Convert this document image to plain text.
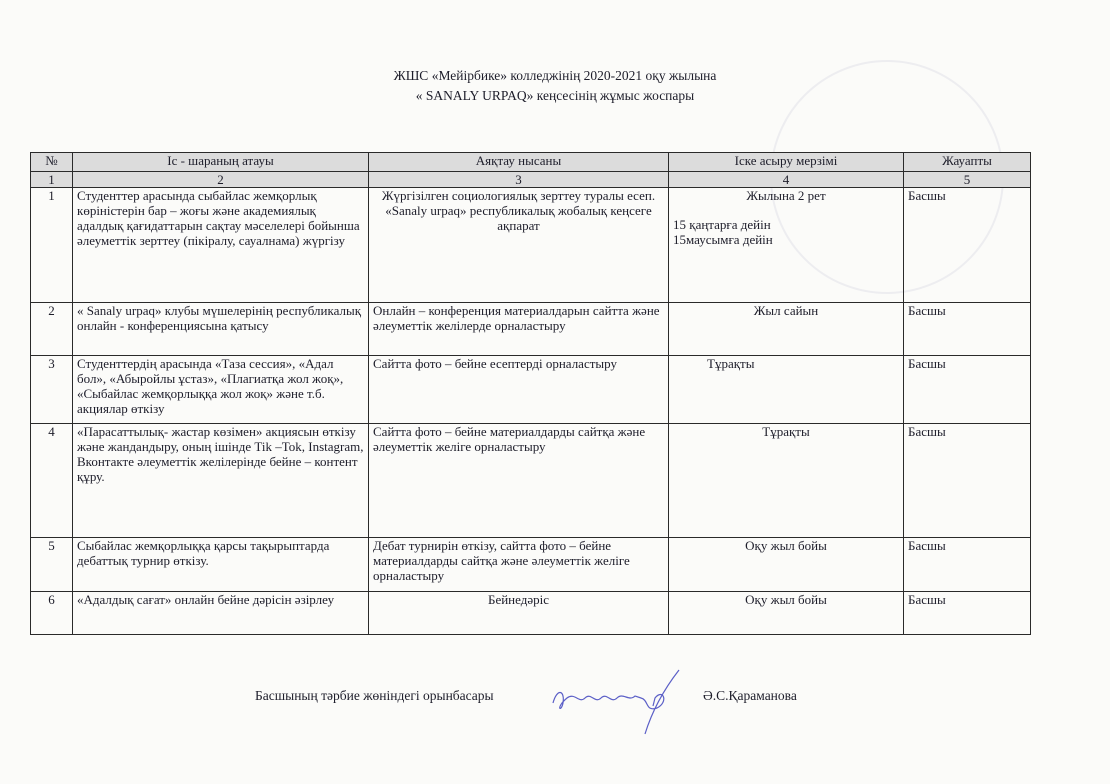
ЖШС «Мейірбике» колледжінің 2020-2021 оқу жылына
« SANALY URPAQ» кеңсесінің жұмыс жоспары
№	Іс - шараның атауы	Аяқтау нысаны	Іске асыру мерзімі	Жауапты
1	2	3	4	5
1	Студенттер арасында сыбайлас жемқорлық көріністерін бар – жоғы және академиялық адалдық қағидаттарын сақтау мәселелері бойынша әлеуметтік зерттеу (пікіралу, сауалнама) жүргізу	Жүргізілген социологиялық зерттеу туралы есеп. «Sanaly urpaq» республикалық жобалық кеңсеге ақпарат	Жылына 2 рет
15 қаңтарға дейін
15маусымға дейін	Басшы
2	« Sanaly urpaq» клубы мүшелерінің республикалық онлайн - конференциясына қатысу	Онлайн – конференция материалдарын сайтта және әлеуметтік желілерде орналастыру	Жыл сайын	Басшы
3	Студенттердің арасында «Таза сессия», «Адал бол», «Абыройлы ұстаз», «Плагиатқа жол жоқ», «Сыбайлас жемқорлыққа жол жоқ» және т.б. акциялар өткізу	Сайтта фото – бейне есептерді орналастыру	Тұрақты	Басшы
4	«Парасаттылық- жастар көзімен» акциясын өткізу және жандандыру, оның ішінде Tik –Tok, Instagram, Вконтакте әлеуметтік желілерінде бейне – контент құру.	Сайтта фото – бейне материалдарды сайтқа және әлеуметтік желіге орналастыру	Тұрақты	Басшы
5	Сыбайлас жемқорлыққа қарсы тақырыптарда дебаттық турнир өткізу.	Дебат турнирін өткізу, сайтта фото – бейне материалдарды сайтқа және әлеуметтік желіге орналастыру	Оқу жыл бойы	Басшы
6	«Адалдық сағат» онлайн бейне дәрісін әзірлеу	Бейнедәріс	Оқу жыл бойы	Басшы
Басшының тәрбие жөніндегі орынбасары	Ә.С.Қараманова
